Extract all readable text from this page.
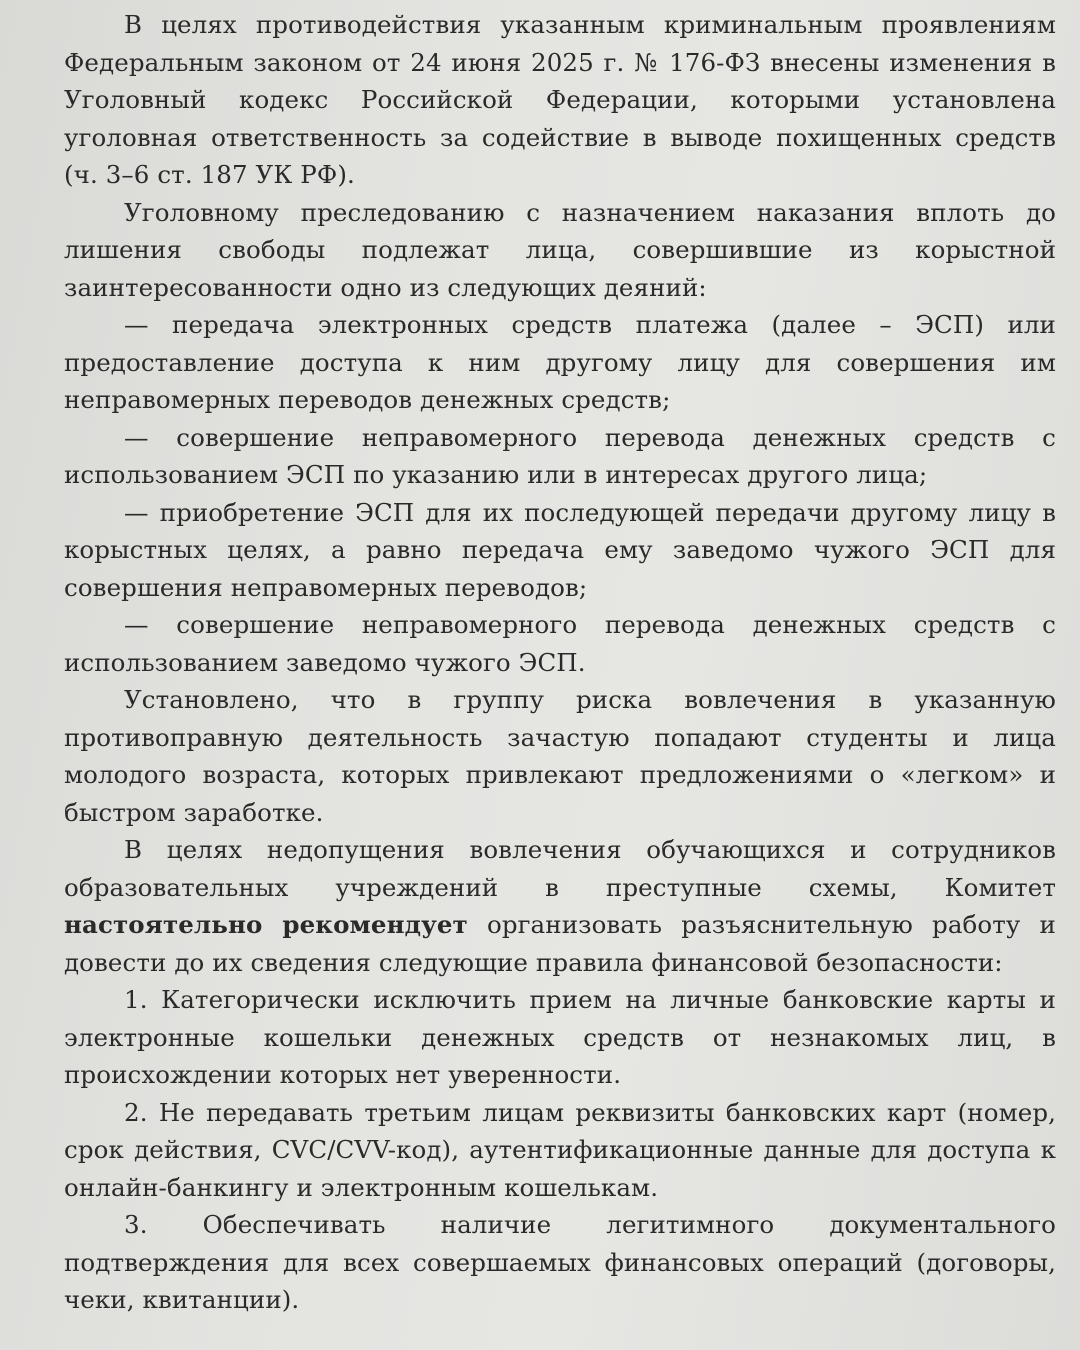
В целях противодействия указанным криминальным проявлениям Федеральным законом от 24 июня 2025 г. № 176-ФЗ внесены изменения в Уголовный кодекс Российской Федерации, которыми установлена уголовная ответственность за содействие в выводе похищенных средств (ч. 3–6 ст. 187 УК РФ).

Уголовному преследованию с назначением наказания вплоть до лишения свободы подлежат лица, совершившие из корыстной заинтересованности одно из следующих деяний:

— передача электронных средств платежа (далее – ЭСП) или предоставление доступа к ним другому лицу для совершения им неправомерных переводов денежных средств;

— совершение неправомерного перевода денежных средств с использованием ЭСП по указанию или в интересах другого лица;

— приобретение ЭСП для их последующей передачи другому лицу в корыстных целях, а равно передача ему заведомо чужого ЭСП для совершения неправомерных переводов;

— совершение неправомерного перевода денежных средств с использованием заведомо чужого ЭСП.

Установлено, что в группу риска вовлечения в указанную противоправную деятельность зачастую попадают студенты и лица молодого возраста, которых привлекают предложениями о «легком» и быстром заработке.

В целях недопущения вовлечения обучающихся и сотрудников образовательных учреждений в преступные схемы, Комитет настоятельно рекомендует организовать разъяснительную работу и довести до их сведения следующие правила финансовой безопасности:

1. Категорически исключить прием на личные банковские карты и электронные кошельки денежных средств от незнакомых лиц, в происхождении которых нет уверенности.

2. Не передавать третьим лицам реквизиты банковских карт (номер, срок действия, CVC/CVV-код), аутентификационные данные для доступа к онлайн-банкингу и электронным кошелькам.

3. Обеспечивать наличие легитимного документального подтверждения для всех совершаемых финансовых операций (договоры, чеки, квитанции).
